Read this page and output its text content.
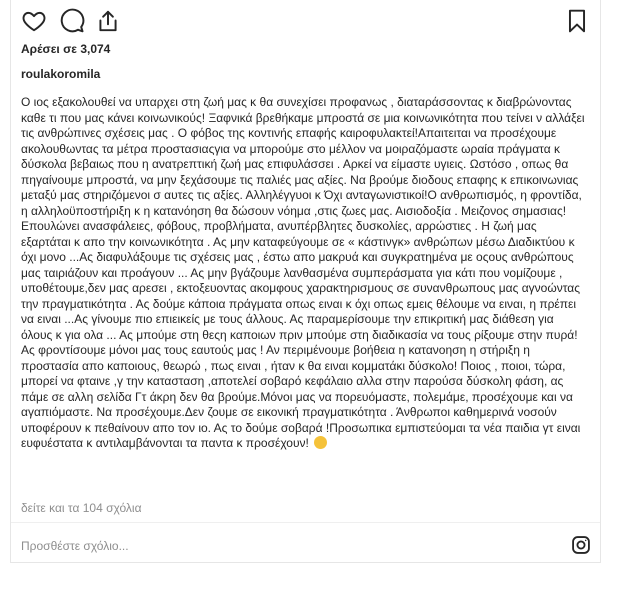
Αρέσει σε 3,074
roulakoromila
Ο ιος εξακολουθεί να υπαρχει στη ζωή μας κ θα συνεχίσει προφανως , διαταράσσοντας κ διαβρώνοντας καθε τι που μας κάνει κοινωνικούς! Ξαφνικά βρεθήκαμε μπροστά σε μια κοινωνικότητα που τείνει ν αλλάξει τις ανθρώπινες σχέσεις μας . Ο φόβος της κοντινής επαφής καιροφυλακτεί!Απαιτειται να προσέχουμε ακολουθωντας τα μέτρα προστασιαςγια να μπορούμε στο μέλλον να μοιραζόμαστε ωραία πράγματα κ δύσκολα βεβαιως που η ανατρεπτική ζωή μας επιφυλάσσει . Αρκεί να είμαστε υγιεις. Ωστόσο , οπως θα πηγαίνουμε μπροστά, να μην ξεχάσουμε τις παλιές μας αξίες. Να βρούμε διοδους επαφης κ επικοινωνιας μεταξύ μας στηριζόμενοι σ αυτες τις αξίες. Αλληλέγγυοι κ Όχι ανταγωνιστικοί!Ο ανθρωπισμός, η φροντίδα, η αλληλοϋποστήριξη κ η κατανόηση θα δώσουν νόημα ,στις ζωες μας. Αισιοδοξία . Μειζονος σημασιας! Επουλώνει ανασφάλειες, φόβους, προβλήματα, ανυπέρβλητες δυσκολίες, αρρώστιες . Η ζωή μας εξαρτάται κ απο την κοινωνικότητα . Ας μην καταφεύγουμε σε « κάστινγκ» ανθρώπων μέσω Διαδικτύου κ όχι μονο ...Ας διαφυλάξουμε τις σχέσεις μας , έστω απο μακρυά και συγκρατημένα με οςους ανθρώπους μας ταιριάζουν και προάγουν ... Ας μην βγάζουμε λανθασμένα συμπεράσματα για κάτι που νομίζουμε , υποθέτουμε,δεν μας αρεσει , εκτοξευοντας ακομφους χαρακτηρισμους σε συνανθρωπους μας αγνοώντας την πραγματικότητα . Ας δούμε κάποια πράγματα οπως ειναι κ όχι οπως εμεις θέλουμε να ειναι, η πρέπει να ειναι ...Ας γίνουμε πιο επιεικείς με τους άλλους. Ας παραμερίσουμε την επικριτική μας διάθεση για όλους κ για ολα ... Ας μπούμε στη θεςη καποιων πριν μπούμε στη διαδικασία να τους ρίξουμε στην πυρά! Ας φροντίσουμε μόνοι μας τους εαυτούς μας ! Αν περιμένουμε βοήθεια η κατανοηση η στήριξη η προστασία απο καποιους, θεωρώ , πως ειναι , ήταν κ θα ειναι κομματάκι δύσκολο! Ποιος , ποιοι, τώρα, μπορεί να φταινε ,γ την κατασταση ,αποτελεί σοβαρό κεφάλαιο αλλα στην παρούσα δύσκολη φάση, ας πάμε σε αλλη σελίδα Γτ άκρη δεν θα βρούμε.Μόνοι μας να πορευόμαστε, πολεμάμε, προσέχουμε και να αγαπιόμαστε. Να προσέχουμε.Δεν ζουμε σε εικονική πραγματικότητα . Άνθρωποι καθημερινά νοσούν υποφέρουν κ πεθαίνουν απο τον ιο. Ας το δούμε σοβαρά !Προσωπικα εμπιστεύομαι τα νέα παιδια γτ ειναι ευφυέστατα κ αντιλαμβάνονται τα παντα κ προσέχουν!
δείτε και τα 104 σχόλια
Προσθέστε σχόλιο...
